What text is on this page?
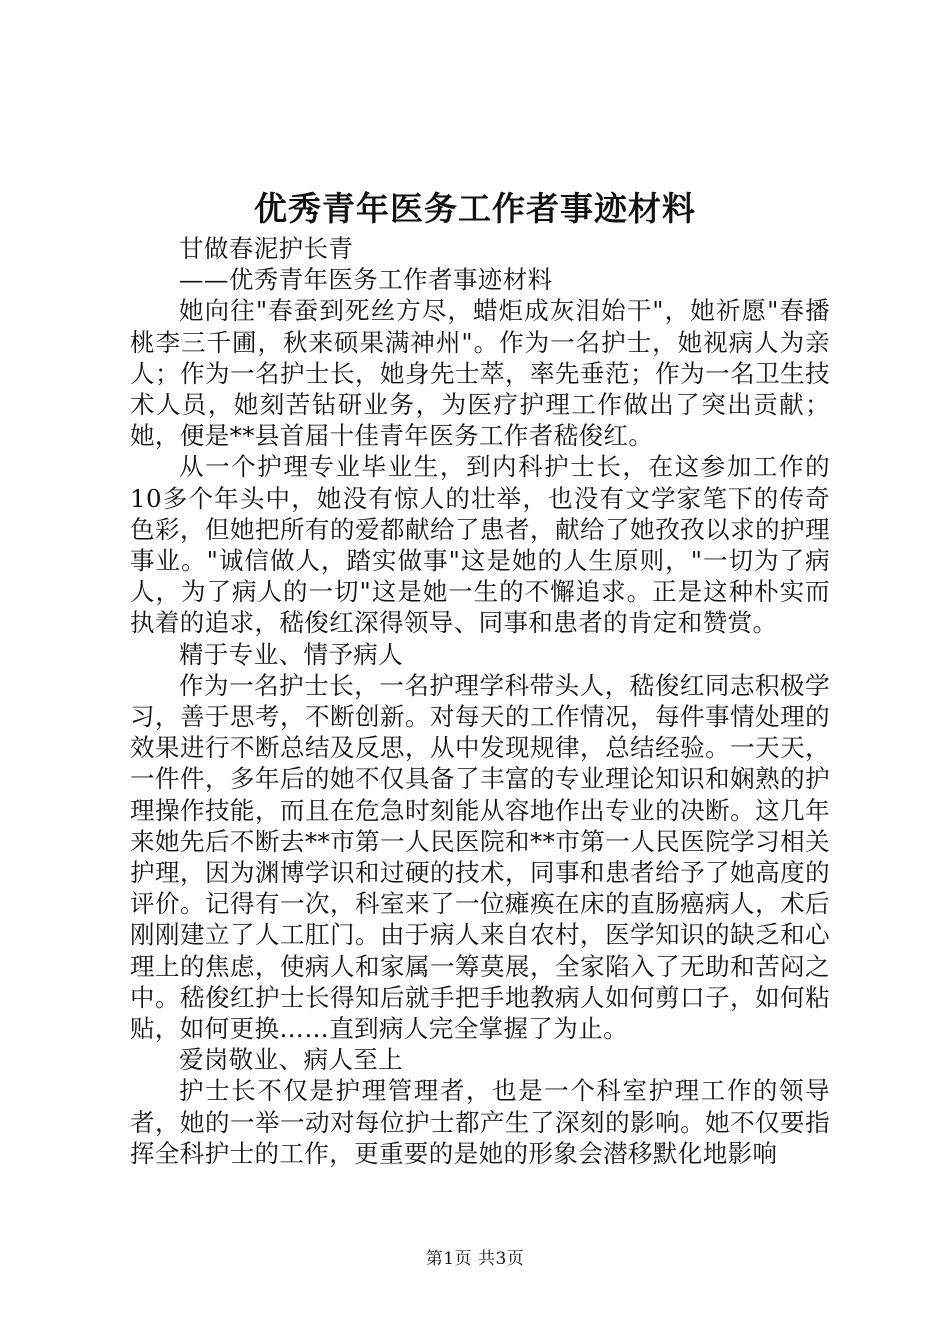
优秀青年医务工作者事迹材料

甘做春泥护长青

——优秀青年医务工作者事迹材料

她向往"春蚕到死丝方尽，蜡炬成灰泪始干"，她祈愿"春播桃李三千圃，秋来硕果满神州"。作为一名护士，她视病人为亲人；作为一名护士长，她身先士萃，率先垂范；作为一名卫生技术人员，她刻苦钻研业务，为医疗护理工作做出了突出贡献；她，便是**县首届十佳青年医务工作者嵇俊红。

从一个护理专业毕业生，到内科护士长，在这参加工作的10多个年头中，她没有惊人的壮举，也没有文学家笔下的传奇色彩，但她把所有的爱都献给了患者，献给了她孜孜以求的护理事业。"诚信做人，踏实做事"这是她的人生原则，"一切为了病人，为了病人的一切"这是她一生的不懈追求。正是这种朴实而执着的追求，嵇俊红深得领导、同事和患者的肯定和赞赏。

精于专业、情予病人

作为一名护士长，一名护理学科带头人，嵇俊红同志积极学习，善于思考，不断创新。对每天的工作情况，每件事情处理的效果进行不断总结及反思，从中发现规律，总结经验。一天天，一件件，多年后的她不仅具备了丰富的专业理论知识和娴熟的护理操作技能，而且在危急时刻能从容地作出专业的决断。这几年来她先后不断去**市第一人民医院和**市第一人民医院学习相关护理，因为渊博学识和过硬的技术，同事和患者给予了她高度的评价。记得有一次，科室来了一位瘫痪在床的直肠癌病人，术后刚刚建立了人工肛门。由于病人来自农村，医学知识的缺乏和心理上的焦虑，使病人和家属一筹莫展，全家陷入了无助和苦闷之中。嵇俊红护士长得知后就手把手地教病人如何剪口子，如何粘贴，如何更换……直到病人完全掌握了为止。

爱岗敬业、病人至上

护士长不仅是护理管理者，也是一个科室护理工作的领导者，她的一举一动对每位护士都产生了深刻的影响。她不仅要指挥全科护士的工作，更重要的是她的形象会潜移默化地影响

第1页 共3页
